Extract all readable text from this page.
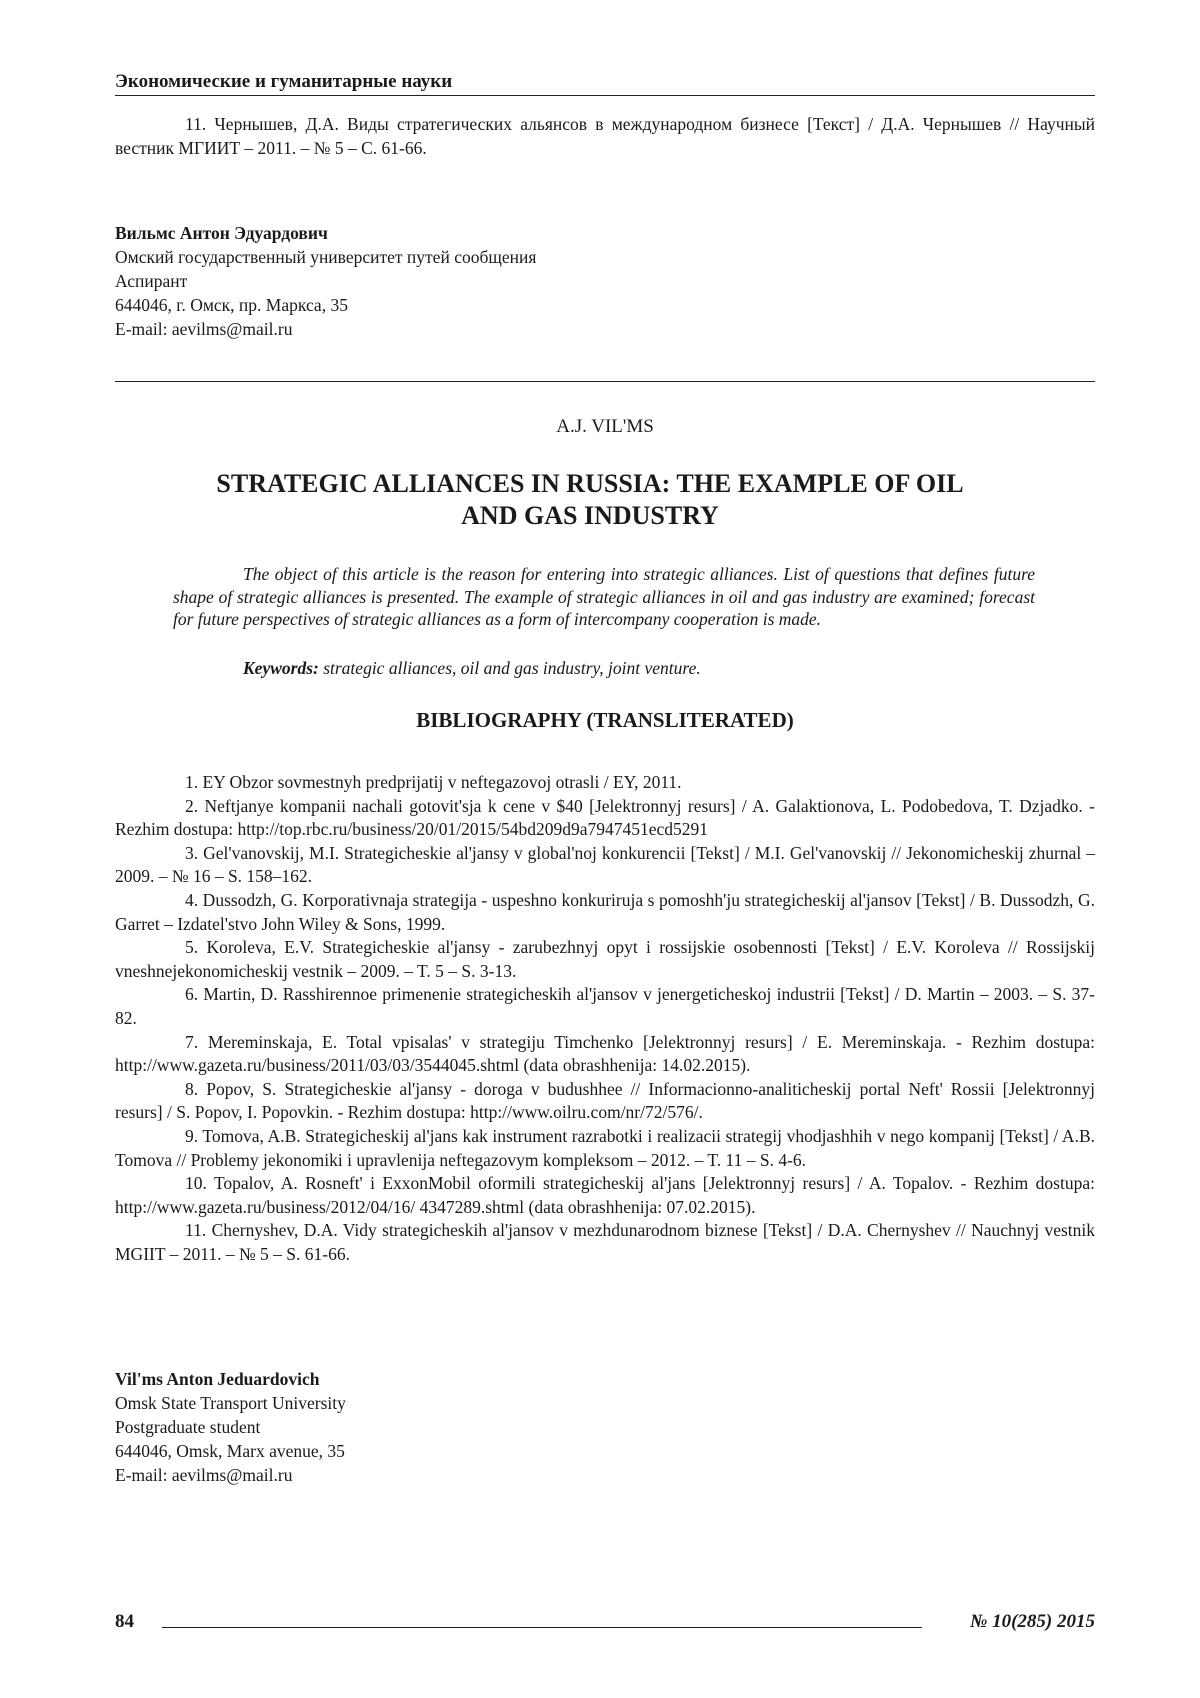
Экономические и гуманитарные науки

11. Чернышев, Д.А. Виды стратегических альянсов в международном бизнесе [Текст] / Д.А. Чернышев // Научный вестник МГИИТ – 2011. – № 5 – С. 61-66.

Вильмс Антон Эдуардович
Омский государственный университет путей сообщения
Аспирант
644046, г. Омск, пр. Маркса, 35
E-mail: aevilms@mail.ru
A.J. VIL'MS
STRATEGIC ALLIANCES IN RUSSIA: THE EXAMPLE OF OIL
AND GAS INDUSTRY

The object of this article is the reason for entering into strategic alliances. List of questions that defines future shape of strategic alliances is presented. The example of strategic alliances in oil and gas industry are examined; forecast for future perspectives of strategic alliances as a form of intercompany cooperation is made.

Keywords: strategic alliances, oil and gas industry, joint venture.
BIBLIOGRAPHY (TRANSLITERATED)

1. EY Obzor sovmestnyh predprijatij v neftegazovoj otrasli / EY, 2011.

2. Neftjanye kompanii nachali gotovit'sja k cene v $40 [Jelektronnyj resurs] / A. Galaktionova, L. Podobedova, T. Dzjadko. - Rezhim dostupa: http://top.rbc.ru/business/20/01/2015/54bd209d9a7947451ecd5291

3. Gel'vanovskij, M.I. Strategicheskie al'jansy v global'noj konkurencii [Tekst] / M.I. Gel'vanovskij // Jekonomicheskij zhurnal – 2009. – № 16 – S. 158–162.

4. Dussodzh, G. Korporativnaja strategija - uspeshno konkuriruja s pomoshh'ju strategicheskij al'jansov [Tekst] / B. Dussodzh, G. Garret – Izdatel'stvo John Wiley & Sons, 1999.

5. Koroleva, E.V. Strategicheskie al'jansy - zarubezhnyj opyt i rossijskie osobennosti [Tekst] / E.V. Koroleva // Rossijskij vneshnejekonomicheskij vestnik – 2009. – T. 5 – S. 3-13.

6. Martin, D. Rasshirennoe primenenie strategicheskih al'jansov v jenergeticheskoj industrii [Tekst] / D. Martin – 2003. – S. 37-82.

7. Mereminskaja, E. Total vpisalas' v strategiju Timchenko [Jelektronnyj resurs] / E. Mereminskaja. - Rezhim dostupa: http://www.gazeta.ru/business/2011/03/03/3544045.shtml (data obrashhenija: 14.02.2015).

8. Popov, S. Strategicheskie al'jansy - doroga v budushhee // Informacionno-analiticheskij portal Neft' Rossii [Jelektronnyj resurs] / S. Popov, I. Popovkin. - Rezhim dostupa: http://www.oilru.com/nr/72/576/.

9. Tomova, A.B. Strategicheskij al'jans kak instrument razrabotki i realizacii strategij vhodjashhih v nego kompanij [Tekst] / A.B. Tomova // Problemy jekonomiki i upravlenija neftegazovym kompleksom – 2012. – T. 11 – S. 4-6.

10. Topalov, A. Rosneft' i ExxonMobil oformili strategicheskij al'jans [Jelektronnyj resurs] / A. Topalov. - Rezhim dostupa: http://www.gazeta.ru/business/2012/04/16/ 4347289.shtml (data obrashhenija: 07.02.2015).

11. Chernyshev, D.A. Vidy strategicheskih al'jansov v mezhdunarodnom biznese [Tekst] / D.A. Chernyshev // Nauchnyj vestnik MGIIT – 2011. – № 5 – S. 61-66.

Vil'ms Anton Jeduardovich
Omsk State Transport University
Postgraduate student
644046, Omsk, Marx avenue, 35
E-mail: aevilms@mail.ru
84	№ 10(285) 2015
